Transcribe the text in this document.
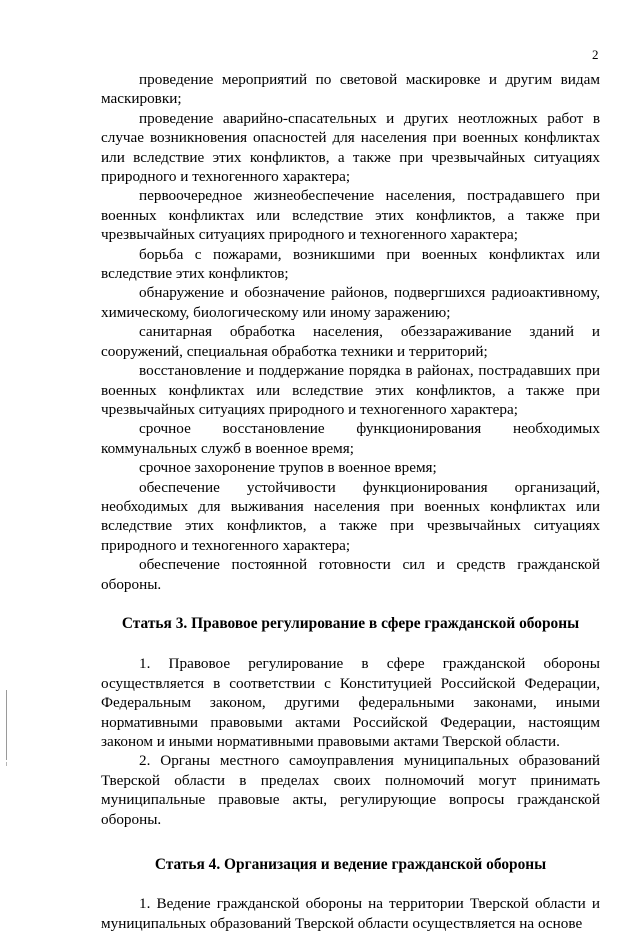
2

проведение мероприятий по световой маскировке и другим видам маскировки;

проведение аварийно-спасательных и других неотложных работ в случае возникновения опасностей для населения при военных конфликтах или вследствие этих конфликтов, а также при чрезвычайных ситуациях природного и техногенного характера;

первоочередное жизнеобеспечение населения, пострадавшего при военных конфликтах или вследствие этих конфликтов, а также при чрезвычайных ситуациях природного и техногенного характера;

борьба с пожарами, возникшими при военных конфликтах или вследствие этих конфликтов;

обнаружение и обозначение районов, подвергшихся радиоактивному, химическому, биологическому или иному заражению;

санитарная обработка населения, обеззараживание зданий и сооружений, специальная обработка техники и территорий;

восстановление и поддержание порядка в районах, пострадавших при военных конфликтах или вследствие этих конфликтов, а также при чрезвычайных ситуациях природного и техногенного характера;

срочное восстановление функционирования необходимых коммунальных служб в военное время;

срочное захоронение трупов в военное время;

обеспечение устойчивости функционирования организаций, необходимых для выживания населения при военных конфликтах или вследствие этих конфликтов, а также при чрезвычайных ситуациях природного и техногенного характера;

обеспечение постоянной готовности сил и средств гражданской обороны.

Статья 3. Правовое регулирование в сфере гражданской обороны

1. Правовое регулирование в сфере гражданской обороны осуществляется в соответствии с Конституцией Российской Федерации, Федеральным законом, другими федеральными законами, иными нормативными правовыми актами Российской Федерации, настоящим законом и иными нормативными правовыми актами Тверской области.

2. Органы местного самоуправления муниципальных образований Тверской области в пределах своих полномочий могут принимать муниципальные правовые акты, регулирующие вопросы гражданской обороны.

Статья 4. Организация и ведение гражданской обороны

1. Ведение гражданской обороны на территории Тверской области и муниципальных образований Тверской области осуществляется на основе
